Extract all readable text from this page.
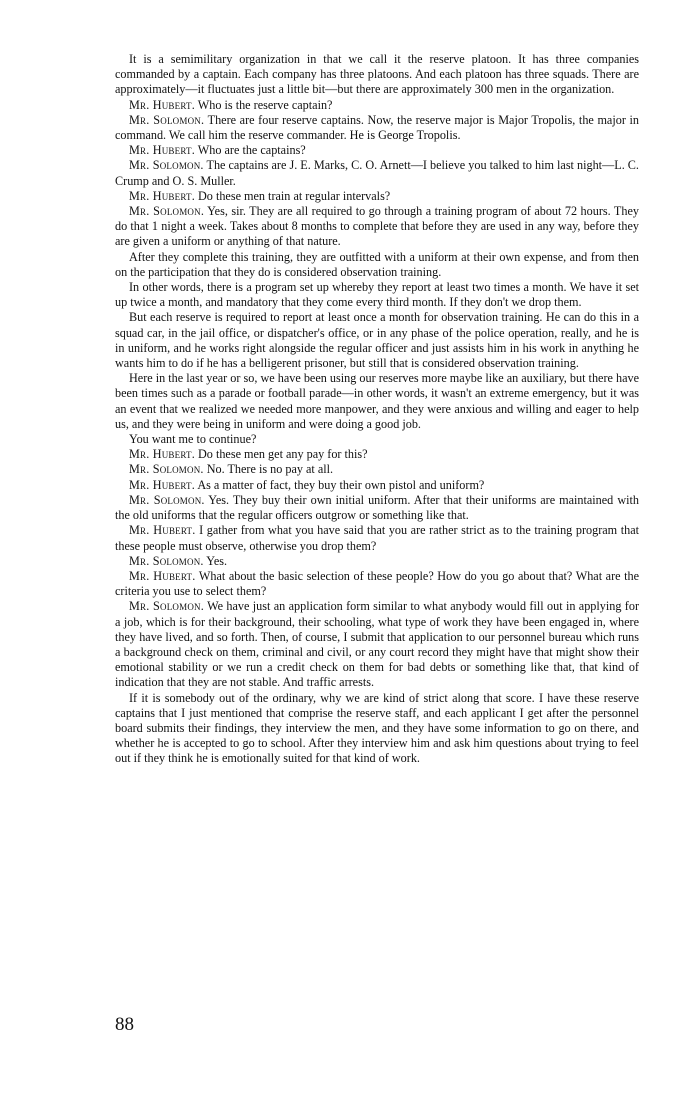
It is a semimilitary organization in that we call it the reserve platoon. It has three companies commanded by a captain. Each company has three platoons. And each platoon has three squads. There are approximately—it fluctuates just a little bit—but there are approximately 300 men in the organization.

Mr. Hubert. Who is the reserve captain?

Mr. Solomon. There are four reserve captains. Now, the reserve major is Major Tropolis, the major in command. We call him the reserve commander. He is George Tropolis.

Mr. Hubert. Who are the captains?

Mr. Solomon. The captains are J. E. Marks, C. O. Arnett—I believe you talked to him last night—L. C. Crump and O. S. Muller.

Mr. Hubert. Do these men train at regular intervals?

Mr. Solomon. Yes, sir. They are all required to go through a training program of about 72 hours. They do that 1 night a week. Takes about 8 months to complete that before they are used in any way, before they are given a uniform or anything of that nature.

After they complete this training, they are outfitted with a uniform at their own expense, and from then on the participation that they do is considered observation training.

In other words, there is a program set up whereby they report at least two times a month. We have it set up twice a month, and mandatory that they come every third month. If they don't we drop them.

But each reserve is required to report at least once a month for observation training. He can do this in a squad car, in the jail office, or dispatcher's office, or in any phase of the police operation, really, and he is in uniform, and he works right alongside the regular officer and just assists him in his work in anything he wants him to do if he has a belligerent prisoner, but still that is considered observation training.

Here in the last year or so, we have been using our reserves more maybe like an auxiliary, but there have been times such as a parade or football parade—in other words, it wasn't an extreme emergency, but it was an event that we realized we needed more manpower, and they were anxious and willing and eager to help us, and they were being in uniform and were doing a good job.

You want me to continue?

Mr. Hubert. Do these men get any pay for this?

Mr. Solomon. No. There is no pay at all.

Mr. Hubert. As a matter of fact, they buy their own pistol and uniform?

Mr. Solomon. Yes. They buy their own initial uniform. After that their uniforms are maintained with the old uniforms that the regular officers outgrow or something like that.

Mr. Hubert. I gather from what you have said that you are rather strict as to the training program that these people must observe, otherwise you drop them?

Mr. Solomon. Yes.

Mr. Hubert. What about the basic selection of these people? How do you go about that? What are the criteria you use to select them?

Mr. Solomon. We have just an application form similar to what anybody would fill out in applying for a job, which is for their background, their schooling, what type of work they have been engaged in, where they have lived, and so forth. Then, of course, I submit that application to our personnel bureau which runs a background check on them, criminal and civil, or any court record they might have that might show their emotional stability or we run a credit check on them for bad debts or something like that, that kind of indication that they are not stable. And traffic arrests.

If it is somebody out of the ordinary, why we are kind of strict along that score. I have these reserve captains that I just mentioned that comprise the reserve staff, and each applicant I get after the personnel board submits their findings, they interview the men, and they have some information to go on there, and whether he is accepted to go to school. After they interview him and ask him questions about trying to feel out if they think he is emotionally suited for that kind of work.

88
